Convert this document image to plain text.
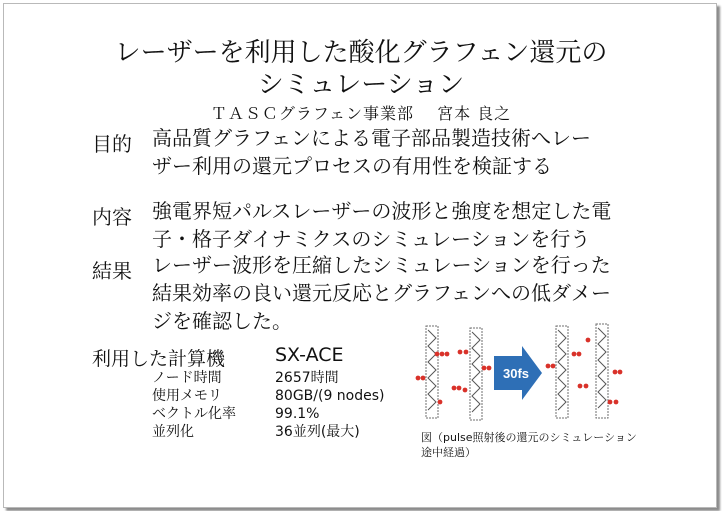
レーザーを利用した酸化グラフェン還元の
シミュレーション
ＴＡＳＣグラフェン事業部　 宮本 良之
目的 高品質グラフェンによる電子部品製造技術へレー
ザー利用の還元プロセスの有用性を検証する
内容 強電界短パルスレーザーの波形と強度を想定した電
子・格子ダイナミクスのシミュレーションを行う
結果 レーザー波形を圧縮したシミュレーションを行った
結果効率の良い還元反応とグラフェンへの低ダメー
ジを確認した。
利用した計算機	SX-ACE
ノード時間	2657時間
使用メモリ	80GB/(9 nodes)
ベクトル化率	99.1%
並列化	36並列(最大)
30fs
図（pulse照射後の還元のシミュレーション
途中経過）
